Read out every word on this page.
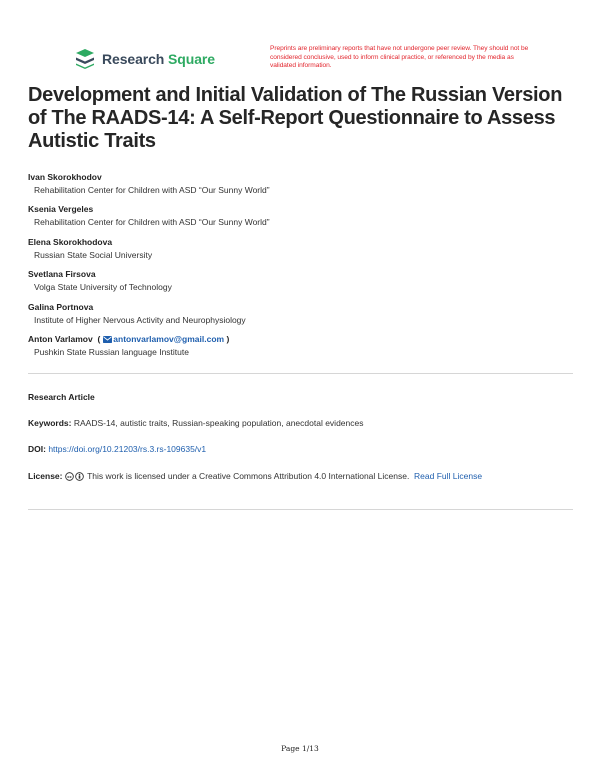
Research Square
Preprints are preliminary reports that have not undergone peer review. They should not be considered conclusive, used to inform clinical practice, or referenced by the media as validated information.
Development and Initial Validation of The Russian Version of The RAADS-14: A Self-Report Questionnaire to Assess Autistic Traits
Ivan Skorokhodov
Rehabilitation Center for Children with ASD “Our Sunny World”
Ksenia Vergeles
Rehabilitation Center for Children with ASD “Our Sunny World”
Elena Skorokhodova
Russian State Social University
Svetlana Firsova
Volga State University of Technology
Galina Portnova
Institute of Higher Nervous Activity and Neurophysiology
Anton Varlamov  ( antonvarlamov@gmail.com )
Pushkin State Russian language Institute

Research Article

Keywords: RAADS-14, autistic traits, Russian-speaking population, anecdotal evidences

DOI: https://doi.org/10.21203/rs.3.rs-109635/v1

License: cc This work is licensed under a Creative Commons Attribution 4.0 International License. Read Full License

Page 1/13
